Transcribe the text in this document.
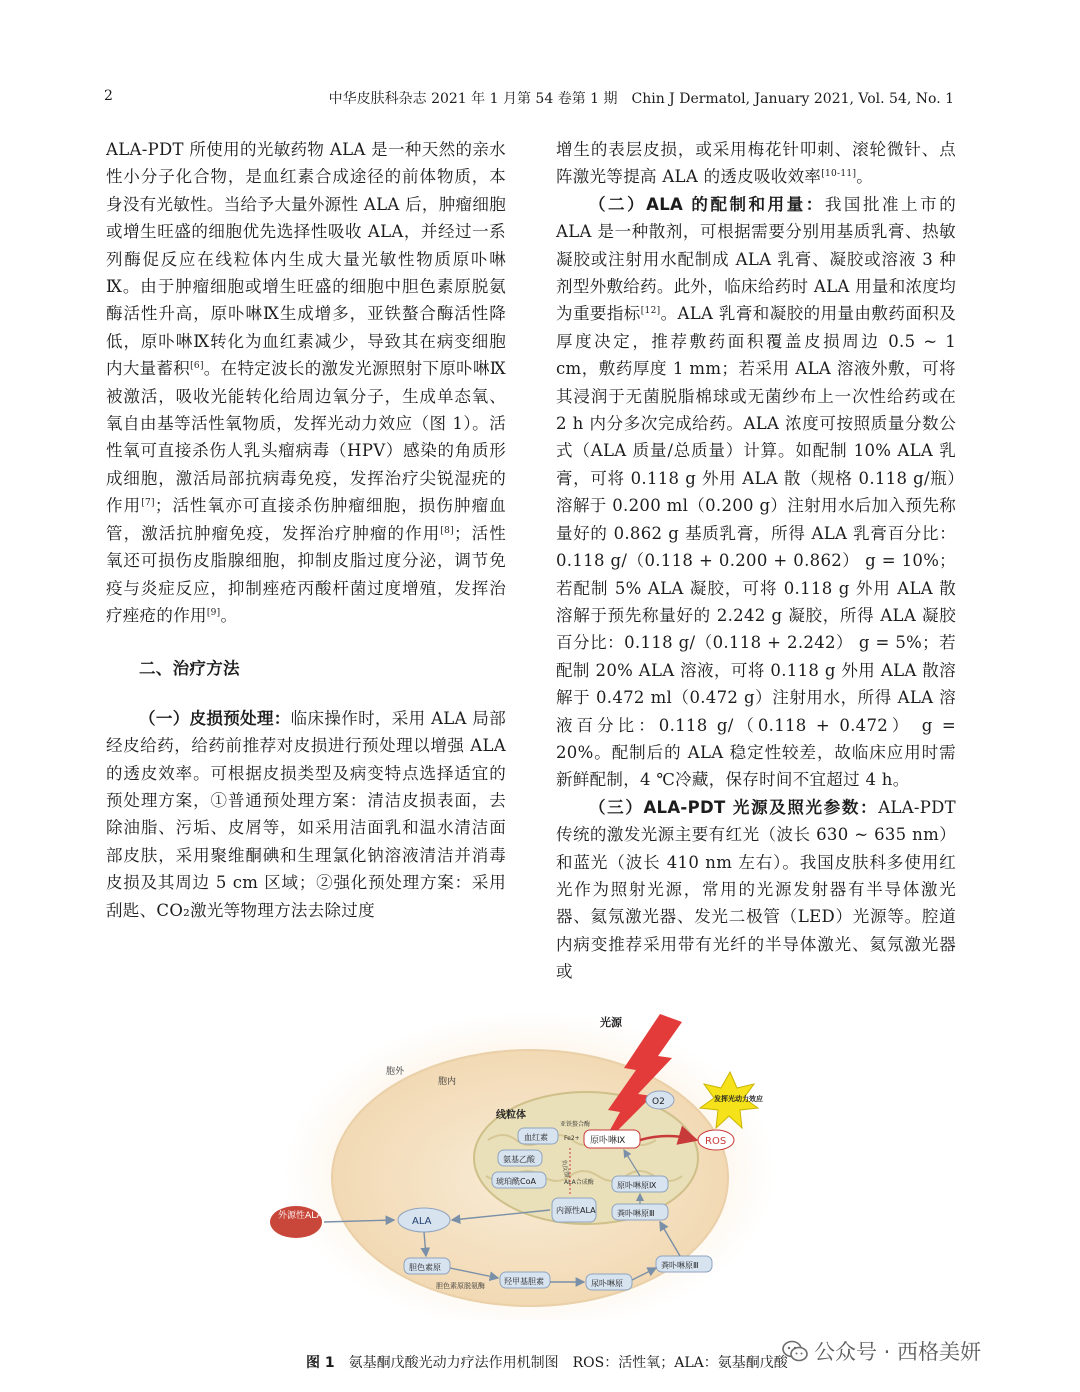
2	中华皮肤科杂志 2021 年 1 月第 54 卷第 1 期　Chin J Dermatol, January 2021, Vol. 54, No. 1

ALA-PDT 所使用的光敏药物 ALA 是一种天然的亲水性小分子化合物，是血红素合成途径的前体物质，本身没有光敏性。当给予大量外源性 ALA 后，肿瘤细胞或增生旺盛的细胞优先选择性吸收 ALA，并经过一系列酶促反应在线粒体内生成大量光敏性物质原卟啉Ⅸ。由于肿瘤细胞或增生旺盛的细胞中胆色素原脱氨酶活性升高，原卟啉Ⅸ生成增多，亚铁螯合酶活性降低，原卟啉Ⅸ转化为血红素减少，导致其在病变细胞内大量蓄积[6]。在特定波长的激发光源照射下原卟啉Ⅸ被激活，吸收光能转化给周边氧分子，生成单态氧、氧自由基等活性氧物质，发挥光动力效应（图 1）。活性氧可直接杀伤人乳头瘤病毒（HPV）感染的角质形成细胞，激活局部抗病毒免疫，发挥治疗尖锐湿疣的作用[7]；活性氧亦可直接杀伤肿瘤细胞，损伤肿瘤血管，激活抗肿瘤免疫，发挥治疗肿瘤的作用[8]；活性氧还可损伤皮脂腺细胞，抑制皮脂过度分泌，调节免疫与炎症反应，抑制痤疮丙酸杆菌过度增殖，发挥治疗痤疮的作用[9]。

二、治疗方法

（一）皮损预处理：临床操作时，采用 ALA 局部经皮给药，给药前推荐对皮损进行预处理以增强 ALA 的透皮效率。可根据皮损类型及病变特点选择适宜的预处理方案，①普通预处理方案：清洁皮损表面，去除油脂、污垢、皮屑等，如采用洁面乳和温水清洁面部皮肤，采用聚维酮碘和生理氯化钠溶液清洁并消毒皮损及其周边 5 cm 区域；②强化预处理方案：采用刮匙、CO₂激光等物理方法去除过度

增生的表层皮损，或采用梅花针叩刺、滚轮微针、点阵激光等提高 ALA 的透皮吸收效率[10-11]。

（二）ALA 的配制和用量：我国批准上市的 ALA 是一种散剂，可根据需要分别用基质乳膏、热敏凝胶或注射用水配制成 ALA 乳膏、凝胶或溶液 3 种剂型外敷给药。此外，临床给药时 ALA 用量和浓度均为重要指标[12]。ALA 乳膏和凝胶的用量由敷药面积及厚度决定，推荐敷药面积覆盖皮损周边 0.5 ~ 1 cm，敷药厚度 1 mm；若采用 ALA 溶液外敷，可将其浸润于无菌脱脂棉球或无菌纱布上一次性给药或在 2 h 内分多次完成给药。ALA 浓度可按照质量分数公式（ALA 质量/总质量）计算。如配制 10% ALA 乳膏，可将 0.118 g 外用 ALA 散（规格 0.118 g/瓶）溶解于 0.200 ml（0.200 g）注射用水后加入预先称量好的 0.862 g 基质乳膏，所得 ALA 乳膏百分比：0.118 g/（0.118 + 0.200 + 0.862） g = 10%；若配制 5% ALA 凝胶，可将 0.118 g 外用 ALA 散溶解于预先称量好的 2.242 g 凝胶，所得 ALA 凝胶百分比：0.118 g/（0.118 + 2.242） g = 5%；若配制 20% ALA 溶液，可将 0.118 g 外用 ALA 散溶解于 0.472 ml（0.472 g）注射用水，所得 ALA 溶液百分比：0.118 g/（0.118 + 0.472） g = 20%。配制后的 ALA 稳定性较差，故临床应用时需新鲜配制，4 ℃冷藏，保存时间不宜超过 4 h。

（三）ALA-PDT 光源及照光参数：ALA-PDT 传统的激发光源主要有红光（波长 630 ~ 635 nm）和蓝光（波长 410 nm 左右）。我国皮肤科多使用红光作为照射光源，常用的光源发射器有半导体激光器、氦氖激光器、发光二极管（LED）光源等。腔道内病变推荐采用带有光纤的半导体激光、氦氖激光器或

胞外
胞内
线粒体
光源
O2	发挥光动力效应
ROS
原卟啉Ⅸ
血红素
亚铁螯合酶
Fe2+
氨基乙酸
琥珀酰CoA	ALA合成酶
负反馈
原卟啉原Ⅸ
内源性ALA	粪卟啉原Ⅲ
外源性ALA	ALA
胆色素原
胆色素原脱氨酶 羟甲基胆素	尿卟啉原
粪卟啉原Ⅲ
图 1　氨基酮戊酸光动力疗法作用机制图　ROS：活性氧；ALA：氨基酮戊酸 公众号 · 西格美妍
